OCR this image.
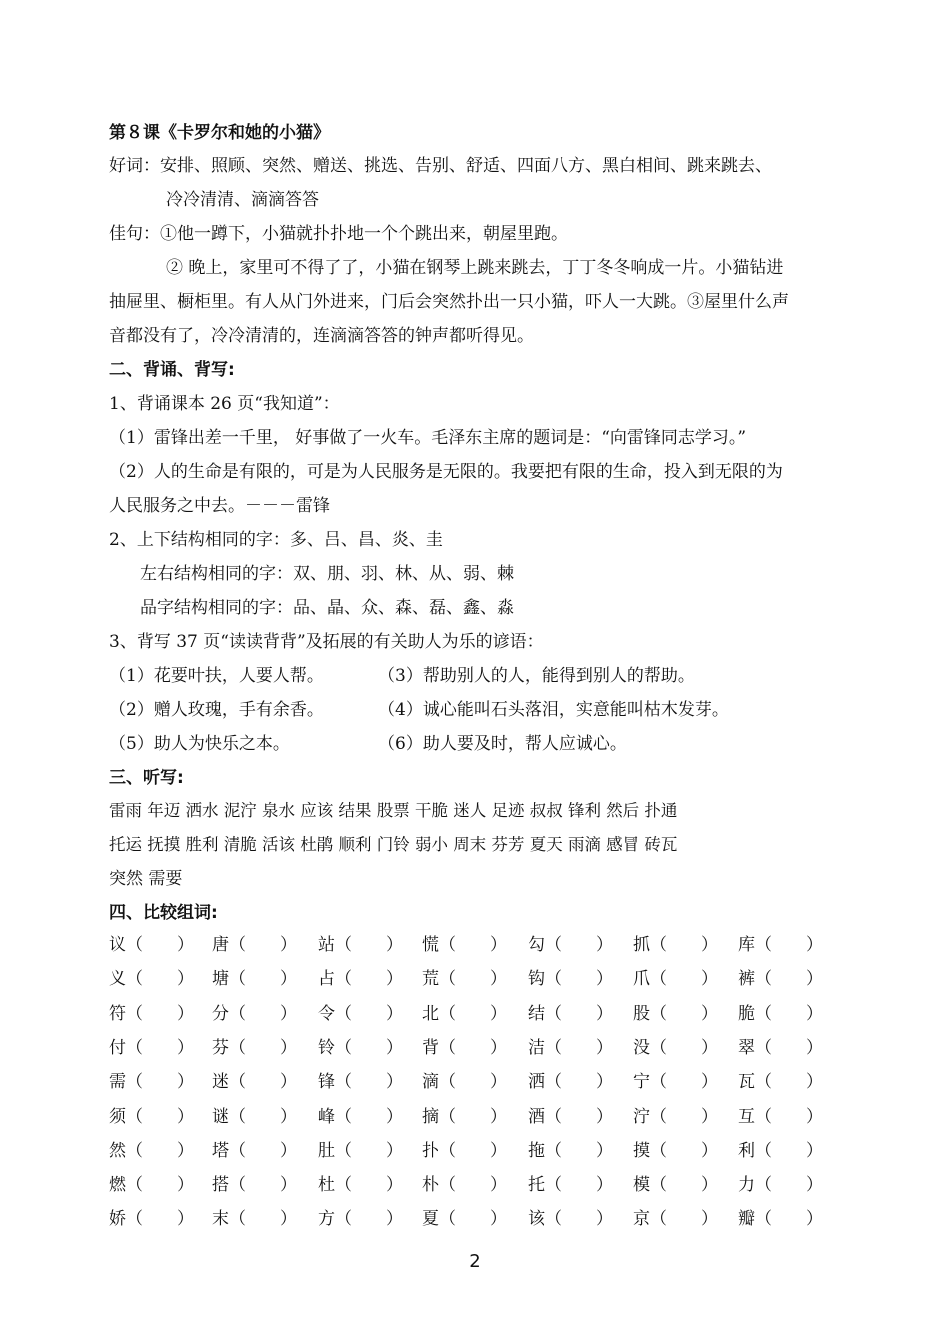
第８课《卡罗尔和她的小猫》
好词：安排、照顾、突然、赠送、挑选、告别、舒适、四面八方、黑白相间、跳来跳去、
冷冷清清、滴滴答答
佳句：①他一蹲下，小猫就扑扑地一个个跳出来，朝屋里跑。
② 晚上，家里可不得了了，小猫在钢琴上跳来跳去，丁丁冬冬响成一片。小猫钻进
抽屉里、橱柜里。有人从门外进来，门后会突然扑出一只小猫，吓人一大跳。③屋里什么声
音都没有了，冷冷清清的，连滴滴答答的钟声都听得见。
二、背诵、背写:
1、背诵课本 26 页“我知道”：
（1）雷锋出差一千里， 好事做了一火车。毛泽东主席的题词是：“向雷锋同志学习。”
（2）人的生命是有限的，可是为人民服务是无限的。我要把有限的生命，投入到无限的为
人民服务之中去。－－－雷锋
2、上下结构相同的字：多、吕、昌、炎、圭
左右结构相同的字：双、朋、羽、林、从、弱、棘
品字结构相同的字：品、晶、众、森、磊、鑫、淼
3、背写 37 页“读读背背”及拓展的有关助人为乐的谚语：
（1）花要叶扶，人要人帮。	（3）帮助别人的人，能得到别人的帮助。
（2）赠人玫瑰，手有余香。	（4）诚心能叫石头落泪，实意能叫枯木发芽。
（5）助人为快乐之本。	（6）助人要及时，帮人应诚心。
三、听写:
雷雨 年迈 洒水 泥泞 泉水 应该 结果 股票 干脆 迷人 足迹 叔叔 锋利 然后 扑通
托运 抚摸 胜利 清脆 活该 杜鹃 顺利 门铃 弱小 周末 芬芳 夏天 雨滴 感冒 砖瓦
突然 需要
四、比较组词:
议（　　） 唐（　　） 站（　　） 慌（　　） 勾（　　） 抓（　　） 库（　　）
义（　　） 塘（　　） 占（　　） 荒（　　） 钩（　　） 爪（　　） 裤（　　）
符（　　） 分（　　） 令（　　） 北（　　） 结（　　） 股（　　） 脆（　　）
付（　　） 芬（　　） 铃（　　） 背（　　） 洁（　　） 没（　　） 翠（　　）
需（　　） 迷（　　） 锋（　　） 滴（　　） 洒（　　） 宁（　　） 瓦（　　）
须（　　） 谜（　　） 峰（　　） 摘（　　） 酒（　　） 泞（　　） 互（　　）
然（　　） 塔（　　） 肚（　　） 扑（　　） 拖（　　） 摸（　　） 利（　　）
燃（　　） 搭（　　） 杜（　　） 朴（　　） 托（　　） 模（　　） 力（　　）
娇（　　） 末（　　） 方（　　） 夏（　　） 该（　　） 京（　　） 瓣（　　）
2
